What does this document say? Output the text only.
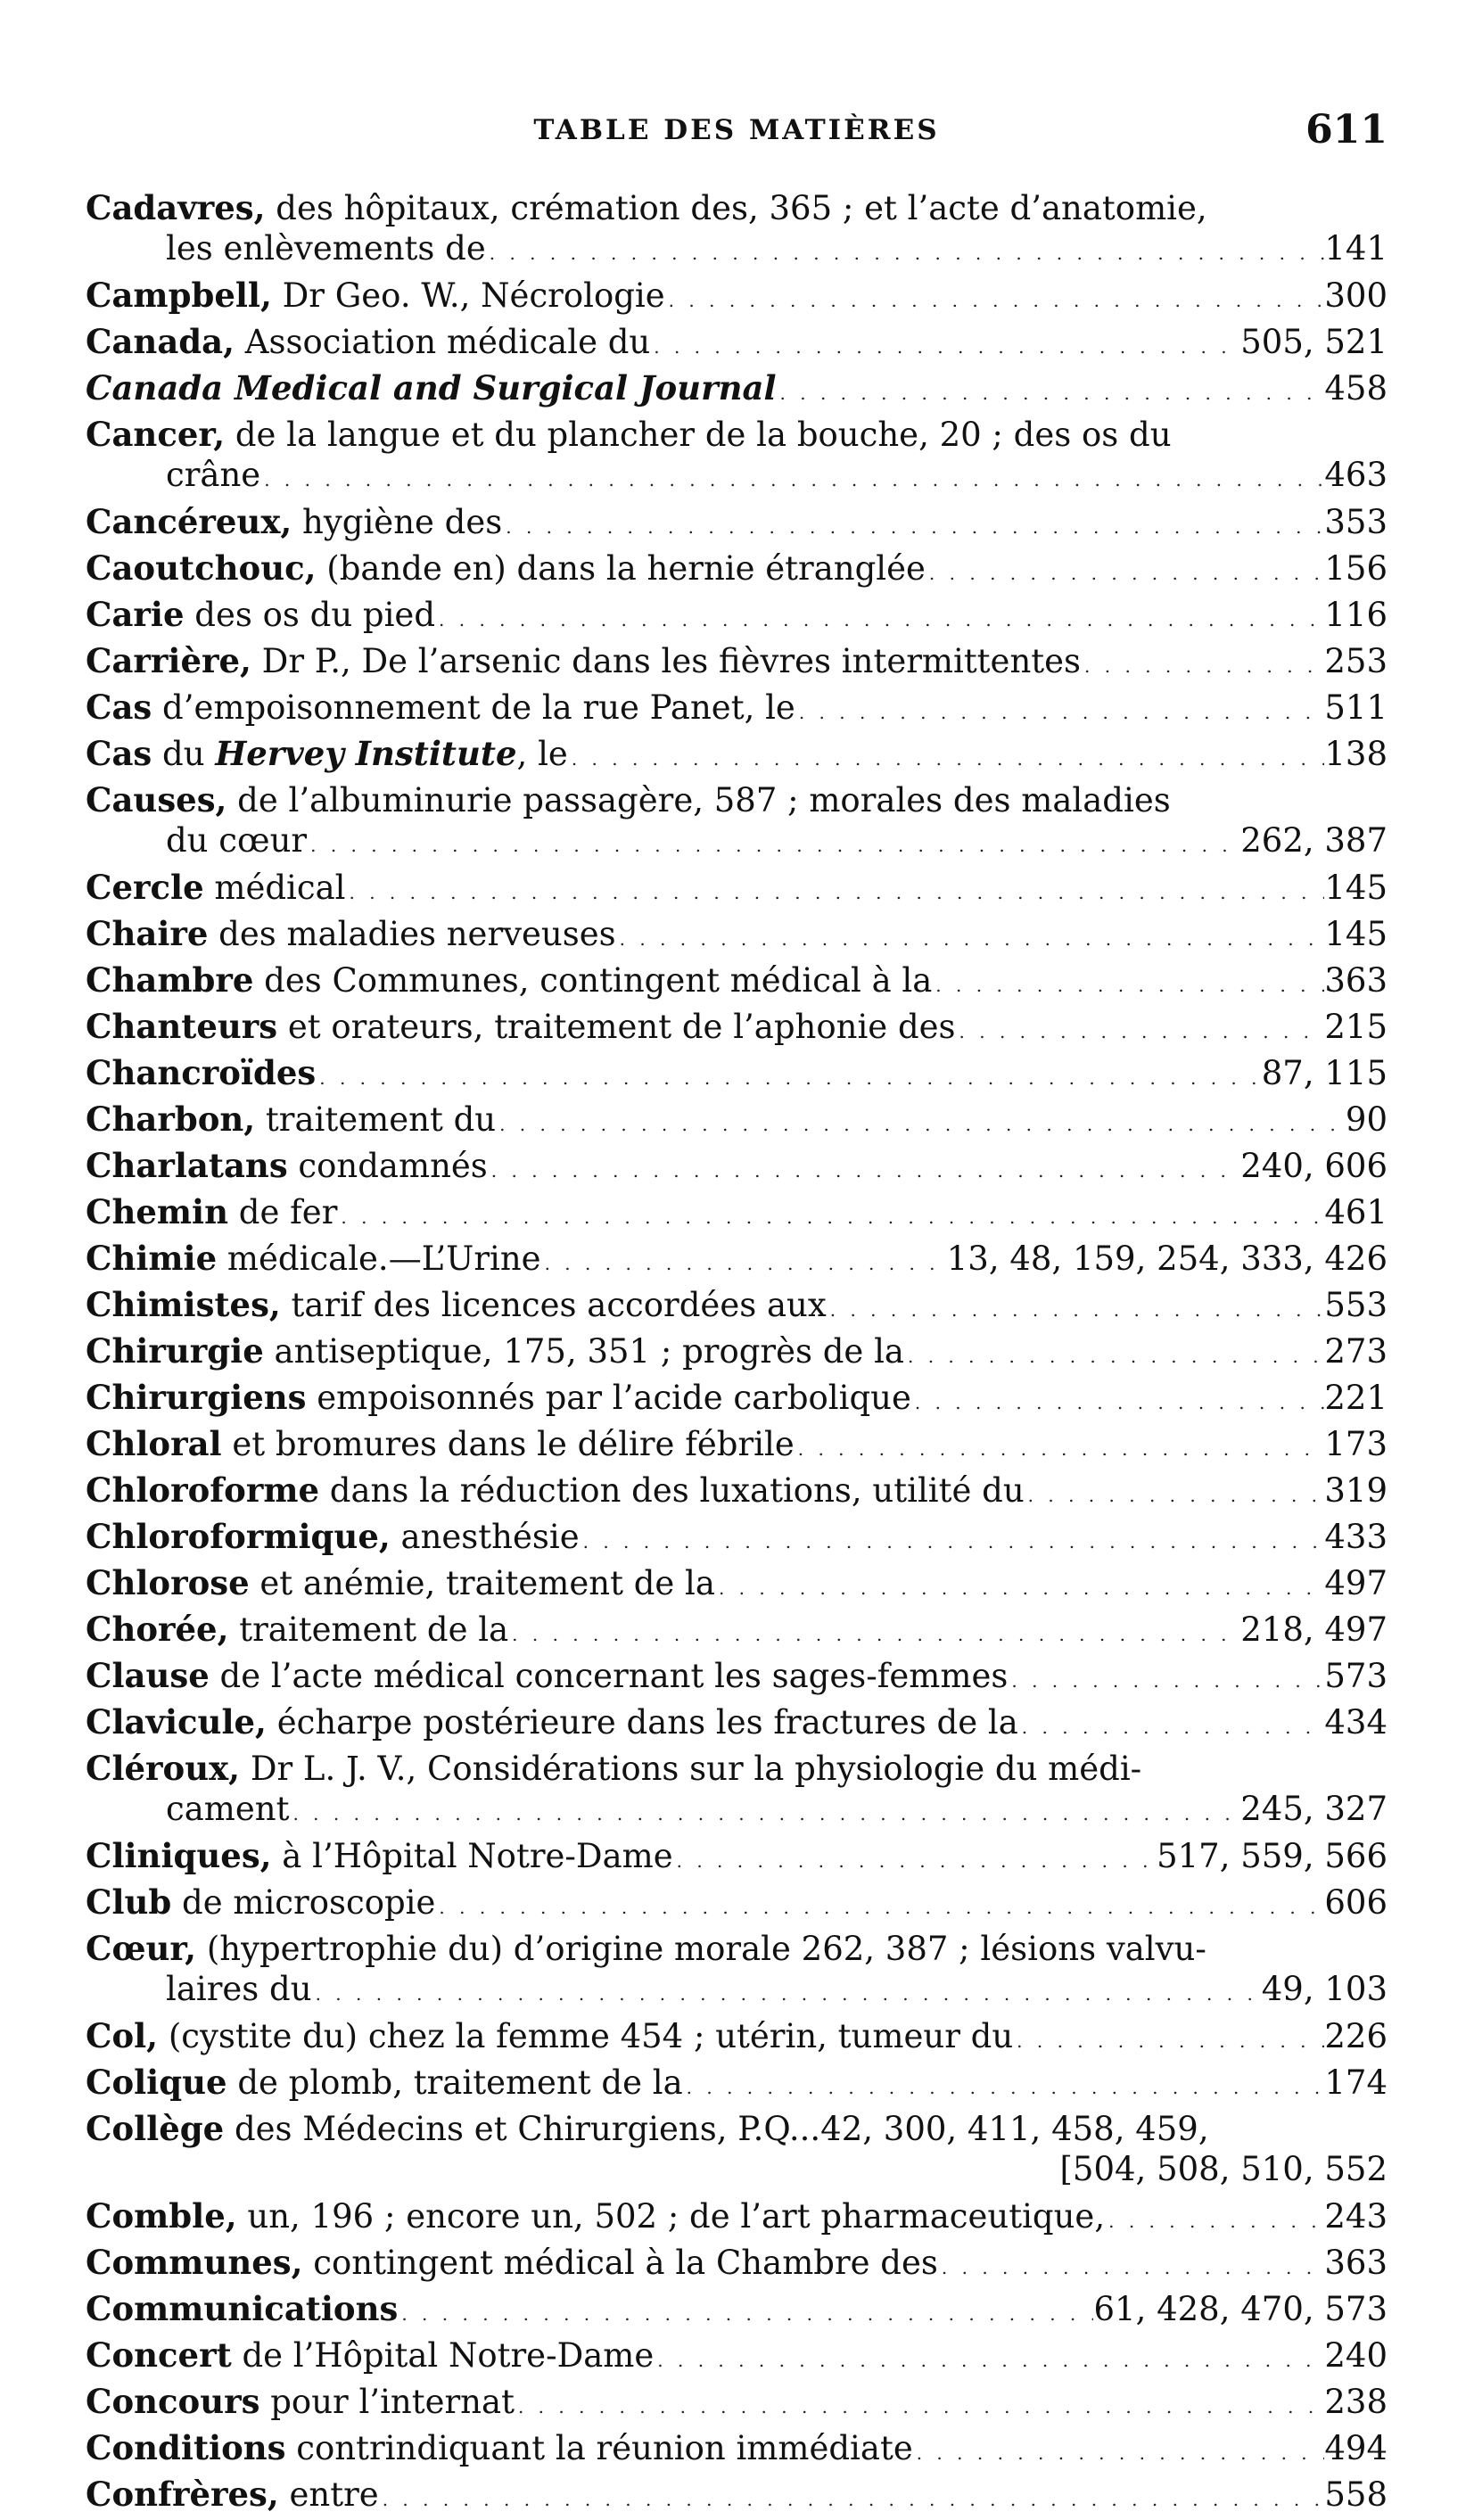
TABLE DES MATIÈRES	611
Cadavres, des hôpitaux, crémation des, 365 ; et l’acte d’anatomie,
les enlèvements de . . .	141
Campbell, Dr Geo. W., Nécrologie . . .	300
Canada, Association médicale du . . .	505, 521
Canada Medical and Surgical Journal . . .	458
Cancer, de la langue et du plancher de la bouche, 20 ; des os du
crâne . . .	463
Cancéreux, hygiène des . . .	353
Caoutchouc, (bande en) dans la hernie étranglée . . .	156
Carie des os du pied . . .	116
Carrière, Dr P., De l’arsenic dans les fièvres intermittentes . . .	253
Cas d’empoisonnement de la rue Panet, le . . .	511
Cas du Hervey Institute, le . . .	138
Causes, de l’albuminurie passagère, 587 ; morales des maladies
du cœur . . .	262, 387
Cercle médical . . .	145
Chaire des maladies nerveuses . . .	145
Chambre des Communes, contingent médical à la . . .	363
Chanteurs et orateurs, traitement de l’aphonie des . . .	215
Chancroïdes . . .	87, 115
Charbon, traitement du . . .	90
Charlatans condamnés . . .	240, 606
Chemin de fer . . .	461
Chimie médicale.—L’Urine . . .	13, 48, 159, 254, 333, 426
Chimistes, tarif des licences accordées aux . . .	553
Chirurgie antiseptique, 175, 351 ; progrès de la . . .	273
Chirurgiens empoisonnés par l’acide carbolique . . .	221
Chloral et bromures dans le délire fébrile . . .	173
Chloroforme dans la réduction des luxations, utilité du . . .	319
Chloroformique, anesthésie . . .	433
Chlorose et anémie, traitement de la . . .	497
Chorée, traitement de la . . .	218, 497
Clause de l’acte médical concernant les sages-femmes . . .	573
Clavicule, écharpe postérieure dans les fractures de la . . .	434
Cléroux, Dr L. J. V., Considérations sur la physiologie du médi-
cament . . .	245, 327
Cliniques, à l’Hôpital Notre-Dame . . .	517, 559, 566
Club de microscopie . . .	606
Cœur, (hypertrophie du) d’origine morale 262, 387 ; lésions valvu-
laires du . . .	49, 103
Col, (cystite du) chez la femme 454 ; utérin, tumeur du . . .	226
Colique de plomb, traitement de la . . .	174
Collège des Médecins et Chirurgiens, P.Q...42, 300, 411, 458, 459,
[504, 508, 510, 552
Comble, un, 196 ; encore un, 502 ; de l’art pharmaceutique, . . .	243
Communes, contingent médical à la Chambre des . . .	363
Communications . . .	61, 428, 470, 573
Concert de l’Hôpital Notre-Dame . . .	240
Concours pour l’internat . . .	238
Conditions contrindiquant la réunion immédiate . . .	494
Confrères, entre . . .	558
